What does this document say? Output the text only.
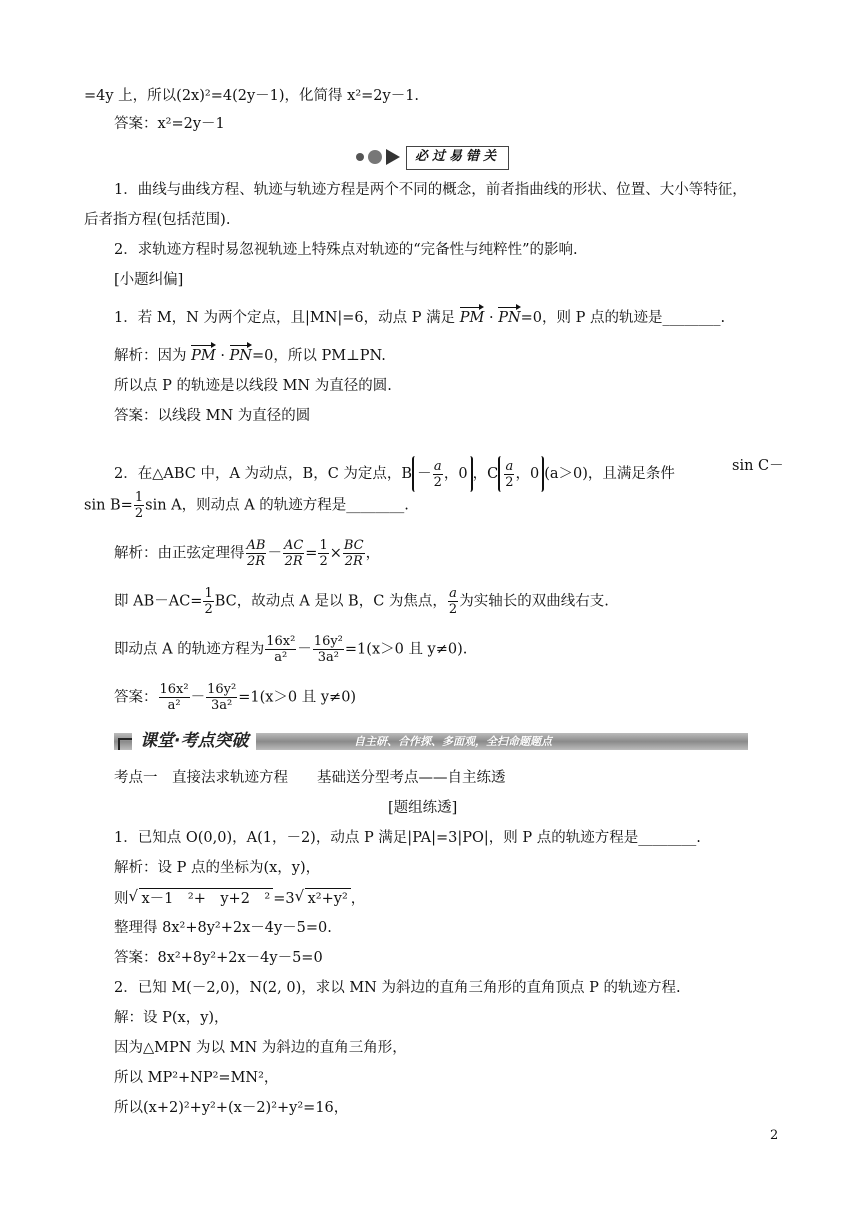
=4y 上，所以(2x)²=4(2y－1)，化简得 x²=2y－1.
答案：x²=2y－1
必过易错关
1．曲线与曲线方程、轨迹与轨迹方程是两个不同的概念，前者指曲线的形状、位置、大小等特征，
后者指方程(包括范围).
2．求轨迹方程时易忽视轨迹上特殊点对轨迹的“完备性与纯粹性”的影响.
[小题纠偏]
1．若 M，N 为两个定点，且|MN|=6，动点 P 满足 PM · PN=0，则 P 点的轨迹是________.
解析：因为 PM · PN=0，所以 PM⊥PN.
所以点 P 的轨迹是以线段 MN 为直径的圆.
答案：以线段 MN 为直径的圆
2．在△ABC 中，A 为动点，B，C 为定点，$B - \frac{a}{2}$ ，0 ，C $\frac{a}{2}$ ，0 (a＞0)，且满足条件	sin C－
$\sin B= \frac{1}{2}$ sin A，则动点 A 的轨迹方程是________.
解析：由正弦定理得 $\frac{AB}{2R} - \frac{AC}{2R} = \frac{1}{2} \times \frac{BC}{2R}$ ，
即 $AB-AC= \frac{1}{2}$ BC，故动点 A 是以 B，C 为焦点， $\frac{a}{2}$ 为实轴长的双曲线右支.
即动点 A 的轨迹方程为 $\frac{\text{16x²}}{\text{a²}} - \frac{\text{16y²}}{\text{3a²}} =1(x>0$ 且 y≠0).
答案： $\frac{\text{16x²}}{\text{a²}} - \frac{\text{16y²}}{\text{3a²}} =1(x>0$ 且 y≠0)
课堂·考点突破	自主研、合作探、多面观，全扫命题题点
考点一　直接法求轨迹方程　　基础送分型考点——自主练透
[题组练透]
1．已知点 O(0,0)，A(1，－2)，动点 P 满足|PA|=3|PO|，则 P 点的轨迹方程是________.
解析：设 P 点的坐标为(x，y)，
则 √ x－1　²+　y+2　² =3 √ x²+y² ，
整理得 8x²+8y²+2x－4y－5=0.
答案：8x²+8y²+2x－4y－5=0
2．已知 M(－2,0)，N(2, 0)，求以 MN 为斜边的直角三角形的直角顶点 P 的轨迹方程.
解：设 P(x，y)，
因为△MPN 为以 MN 为斜边的直角三角形，
所以 MP²+NP²=MN²，
所以(x+2)²+y²+(x－2)²+y²=16，
2
